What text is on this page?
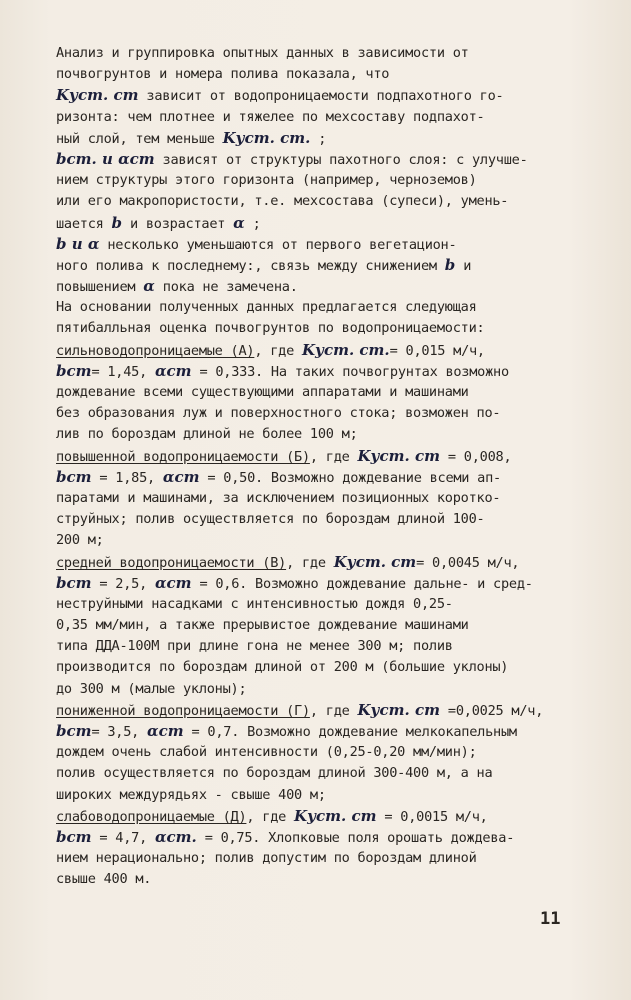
Анализ и группировка опытных данных в зависимости от
почвогрунтов и номера полива показала, что
Kуст. ст зависит от водопроницаемости подпахотного го-
ризонта: чем плотнее и тяжелее по мехсоставу подпахот-
ный слой, тем меньше Kуст. ст. ;
bст. и αст зависят от структуры пахотного слоя: с улучше-
нием структуры этого горизонта (например, черноземов)
или его макропористости, т.е. мехсостава (супеси), умень-
шается b и возрастает α ;
b и α несколько уменьшаются от первого вегетацион-
ного полива к последнему:, связь между снижением b и
повышением α пока не замечена.
На основании полученных данных предлагается следующая
пятибалльная оценка почвогрунтов по водопроницаемости:
сильноводопроницаемые (А), где Kуст. ст.= 0,015 м/ч,
bст= 1,45, αст = 0,333. На таких почвогрунтах возможно
дождевание всеми существующими аппаратами и машинами
без образования луж и поверхностного стока; возможен по-
лив по бороздам длиной не более 100 м;
повышенной водопроницаемости (Б), где Kуст. ст = 0,008,
bст = 1,85, αст = 0,50. Возможно дождевание всеми ап-
паратами и машинами, за исключением позиционных коротко-
струйных; полив осуществляется по бороздам длиной 100-
200 м;
средней водопроницаемости (В), где Kуст. ст= 0,0045 м/ч,
bст = 2,5, αст = 0,6. Возможно дождевание дальне- и сред-
неструйными насадками с интенсивностью дождя 0,25-
0,35 мм/мин, а также прерывистое дождевание машинами
типа ДДА-100М при длине гона не менее 300 м; полив
производится по бороздам длиной от 200 м (большие уклоны)
до 300 м (малые уклоны);
пониженной водопроницаемости (Г), где Kуст. ст =0,0025 м/ч,
bст= 3,5, αст = 0,7. Возможно дождевание мелкокапельным
дождем очень слабой интенсивности (0,25-0,20 мм/мин);
полив осуществляется по бороздам длиной 300-400 м, а на
широких междурядьях - свыше 400 м;
слабоводопроницаемые (Д), где Kуст. ст = 0,0015 м/ч,
bст = 4,7, αст. = 0,75. Хлопковые поля орошать дождева-
нием нерационально; полив допустим по бороздам длиной
свыше 400 м.
11
